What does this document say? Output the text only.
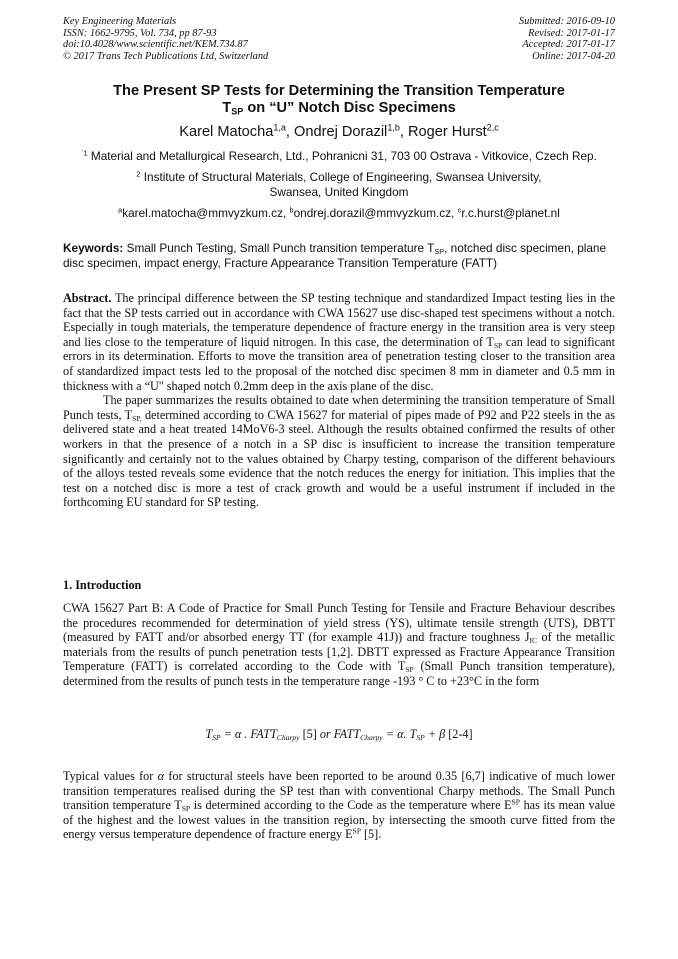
Key Engineering Materials
ISSN: 1662-9795, Vol. 734, pp 87-93
doi:10.4028/www.scientific.net/KEM.734.87
© 2017 Trans Tech Publications Ltd, Switzerland
Submitted: 2016-09-10
Revised: 2017-01-17
Accepted: 2017-01-17
Online: 2017-04-20
The Present SP Tests for Determining the Transition Temperature
$T_{SP}$ on “U” Notch Disc Specimens
Karel Matocha$^{1,a}$, Ondrej Dorazil$^{1,b}$, Roger Hurst$^{2,c}$
$^{`1}$ Material and Metallurgical Research, Ltd., Pohranicni 31, 703 00 Ostrava - Vitkovice, Czech Rep.
$^2$ Institute of Structural Materials, College of Engineering, Swansea University,
Swansea, United Kingdom
$^a$karel.matocha@mmvyzkum.cz, $^b$ondrej.dorazil@mmvyzkum.cz, $^c$r.c.hurst@planet.nl
Keywords: Small Punch Testing, Small Punch transition temperature $T_{SP}$, notched disc specimen, plane disc specimen, impact energy, Fracture Appearance Transition Temperature (FATT)
Abstract. The principal difference between the SP testing technique and standardized Impact testing lies in the fact that the SP tests carried out in accordance with CWA 15627 use disc-shaped test specimens without a notch. Especially in tough materials, the temperature dependence of fracture energy in the transition area is very steep and lies close to the temperature of liquid nitrogen. In this case, the determination of $T_{SP}$ can lead to significant errors in its determination. Efforts to move the transition area of penetration testing closer to the transition area of standardized impact tests led to the proposal of the notched disc specimen 8 mm in diameter and 0.5 mm in thickness with a “U" shaped notch 0.2mm deep in the axis plane of the disc.
The paper summarizes the results obtained to date when determining the transition temperature of Small Punch tests, $T_{SP,}$ determined according to CWA 15627 for material of pipes made of P92 and P22 steels in the as delivered state and a heat treated 14MoV6-3 steel. Although the results obtained confirmed the results of other workers in that the presence of a notch in a SP disc is insufficient to increase the transition temperature significantly and certainly not to the values obtained by Charpy testing, comparison of the different behaviours of the alloys tested reveals some evidence that the notch reduces the energy for initiation. This implies that the test on a notched disc is more a test of crack growth and would be a useful instrument if included in the forthcoming EU standard for SP testing.
1. Introduction
CWA 15627 Part B: A Code of Practice for Small Punch Testing for Tensile and Fracture Behaviour describes the procedures recommended for determination of yield stress (YS), ultimate tensile strength (UTS), DBTT (measured by FATT and/or absorbed energy TT (for example 41J)) and fracture toughness $J_{IC}$ of the metallic materials from the results of punch penetration tests [1,2]. DBTT expressed as Fracture Appearance Transition Temperature (FATT) is correlated according to the Code with $T_{SP}$ (Small Punch transition temperature), determined from the results of punch tests in the temperature range -193 ° C to +23°C in the form
$T_{SP} = \alpha$ . $FATT_{Charpy}$ [5] or $FATT_{Charpy} = \alpha$. $T_{SP} + \beta$ [2-4]
Typical values for α for structural steels have been reported to be around 0.35 [6,7] indicative of much lower transition temperatures realised during the SP test than with conventional Charpy methods. The Small Punch transition temperature $T_{SP}$ is determined according to the Code as the temperature where $E^{SP}$ has its mean value of the highest and the lowest values in the transition region, by intersecting the smooth curve fitted from the energy versus temperature dependence of fracture energy $E^{SP}$ [5].
